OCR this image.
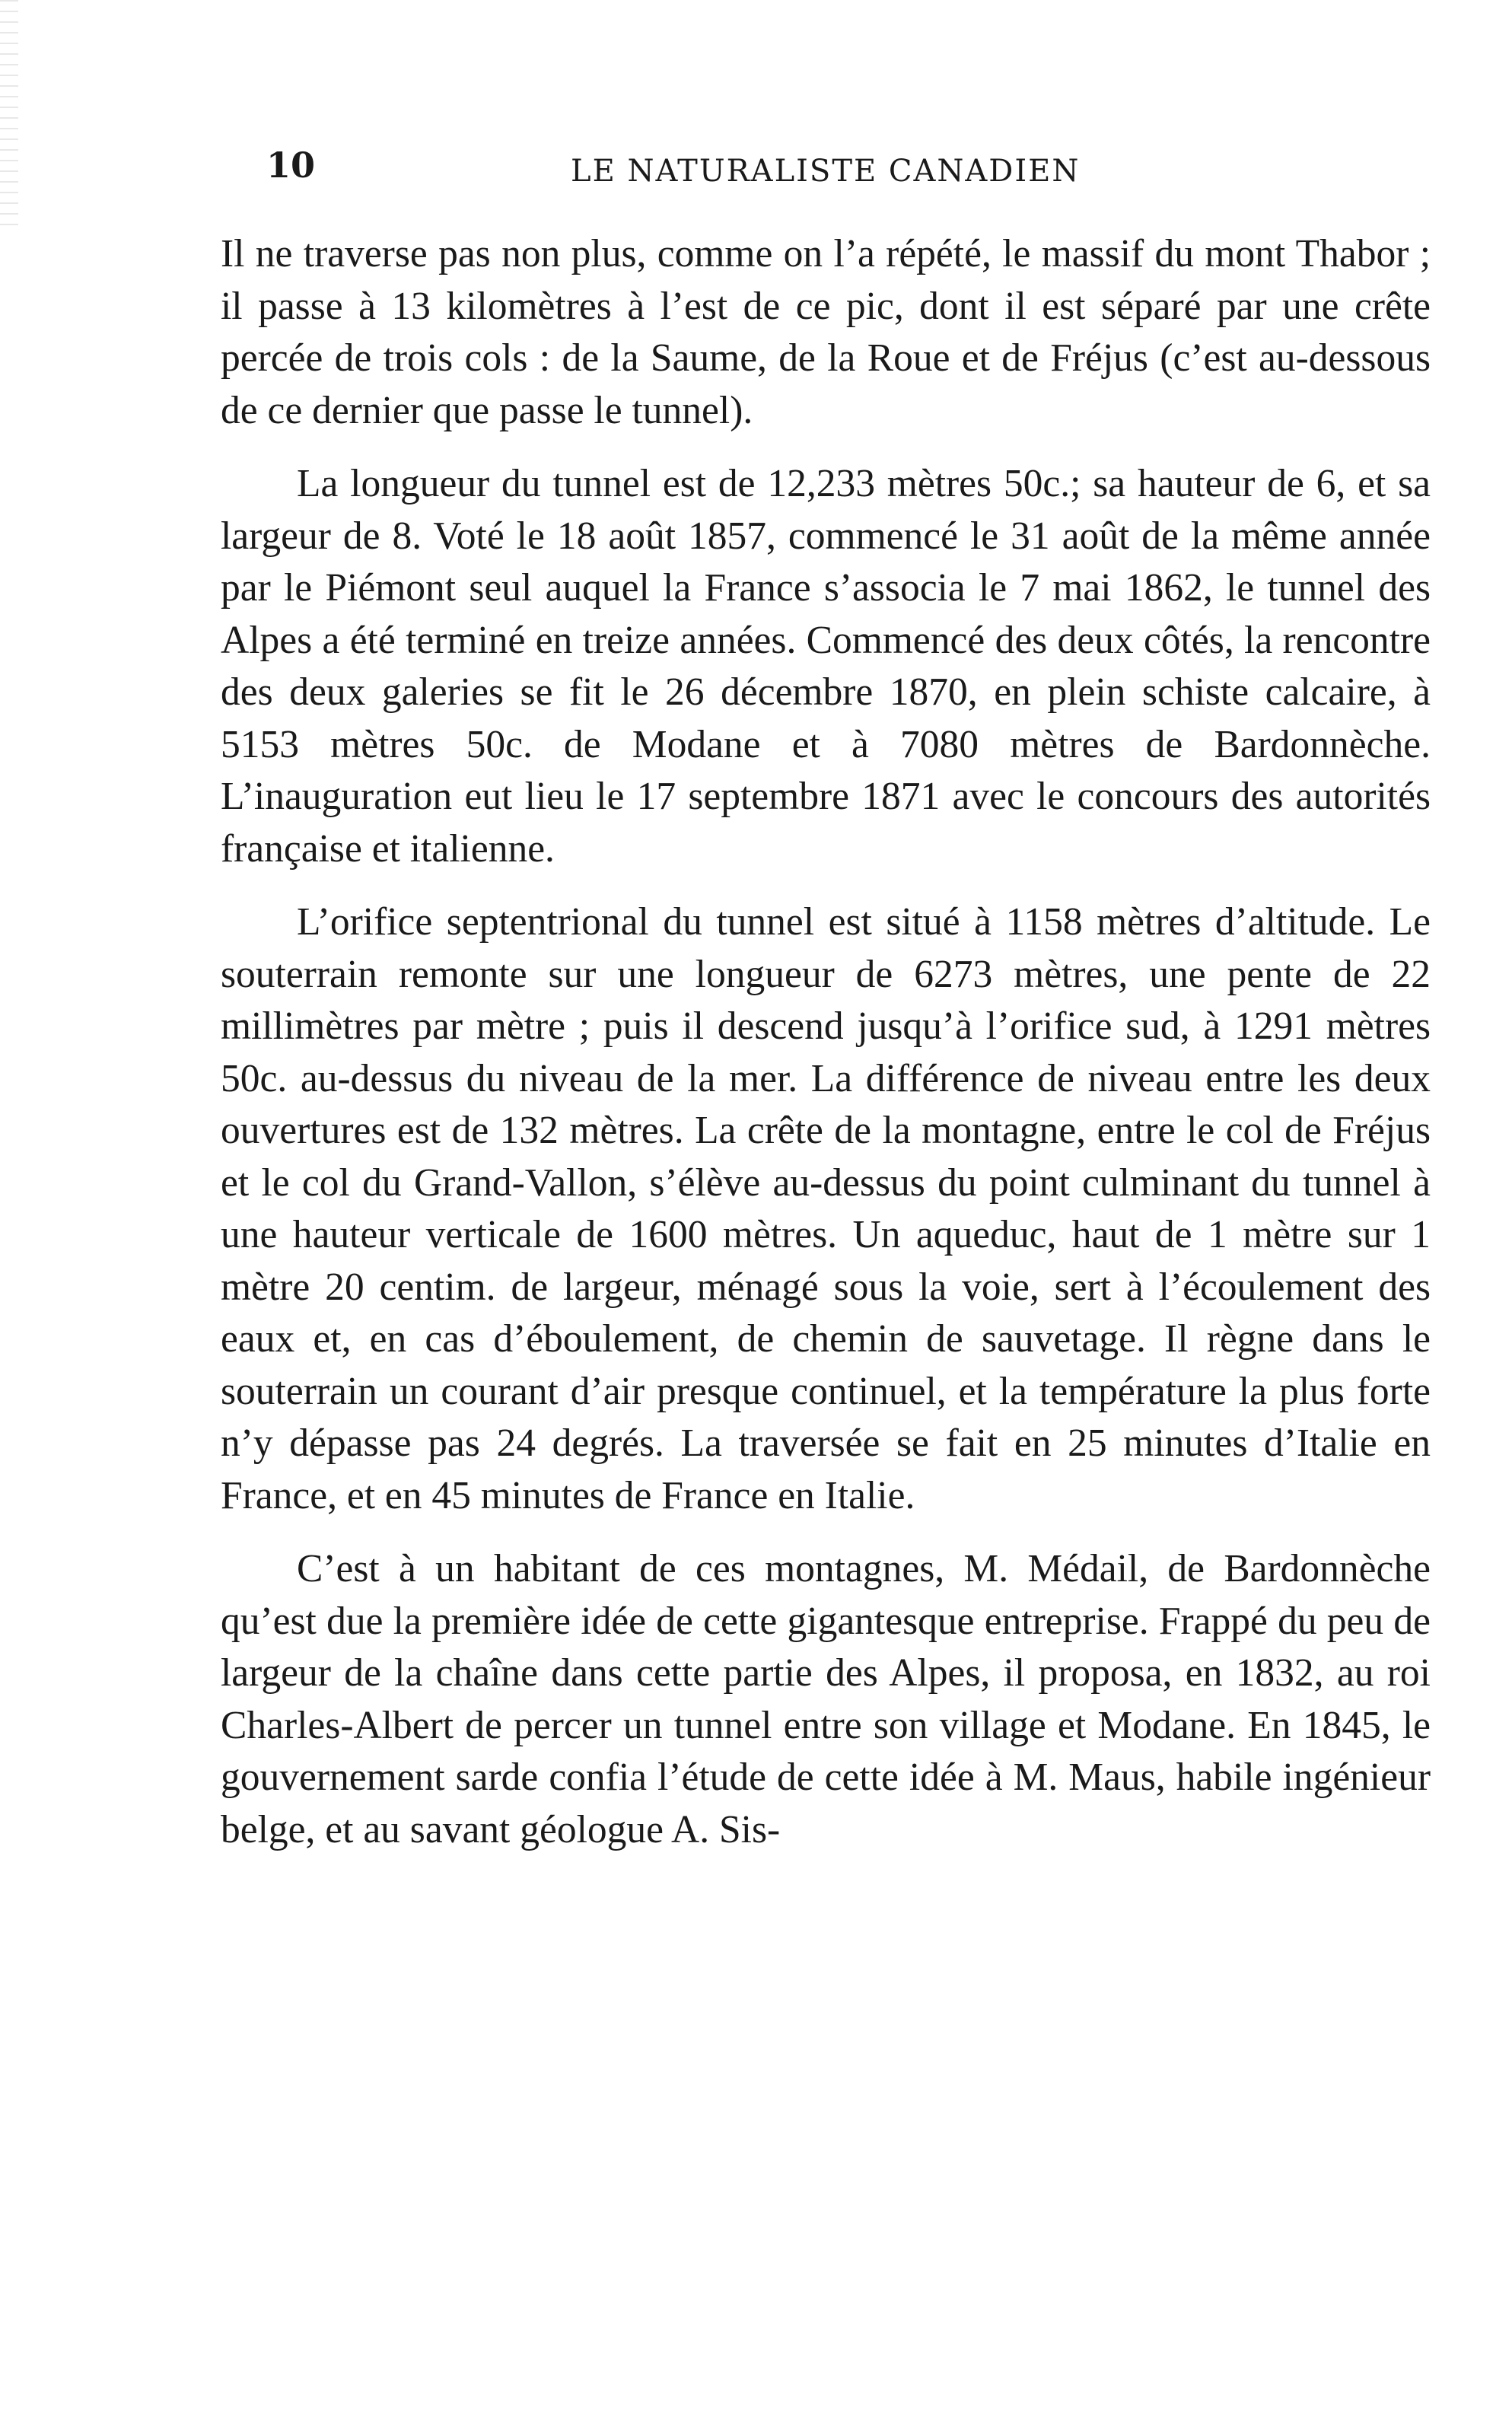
10	LE NATURALISTE CANADIEN

Il ne traverse pas non plus, comme on l’a répété, le massif du mont Thabor ; il passe à 13 kilomètres à l’est de ce pic, dont il est séparé par une crête percée de trois cols : de la Saume, de la Roue et de Fréjus (c’est au-dessous de ce dernier que passe le tunnel).

La longueur du tunnel est de 12,233 mètres 50c.; sa hauteur de 6, et sa largeur de 8. Voté le 18 août 1857, commencé le 31 août de la même année par le Piémont seul auquel la France s’associa le 7 mai 1862, le tunnel des Alpes a été terminé en treize années. Commencé des deux côtés, la rencontre des deux galeries se fit le 26 décembre 1870, en plein schiste calcaire, à 5153 mètres 50c. de Modane et à 7080 mètres de Bardonnèche. L’inauguration eut lieu le 17 septembre 1871 avec le concours des autorités française et italienne.

L’orifice septentrional du tunnel est situé à 1158 mètres d’altitude. Le souterrain remonte sur une longueur de 6273 mètres, une pente de 22 millimètres par mètre ; puis il descend jusqu’à l’orifice sud, à 1291 mètres 50c. au-dessus du niveau de la mer. La différence de niveau entre les deux ouvertures est de 132 mètres. La crête de la montagne, entre le col de Fréjus et le col du Grand-Vallon, s’élève au-dessus du point culminant du tunnel à une hauteur verticale de 1600 mètres. Un aqueduc, haut de 1 mètre sur 1 mètre 20 centim. de largeur, ménagé sous la voie, sert à l’écoulement des eaux et, en cas d’éboulement, de chemin de sauvetage. Il règne dans le souterrain un courant d’air presque continuel, et la température la plus forte n’y dépasse pas 24 degrés. La traversée se fait en 25 minutes d’Italie en France, et en 45 minutes de France en Italie.

C’est à un habitant de ces montagnes, M. Médail, de Bardonnèche qu’est due la première idée de cette gigantesque entreprise. Frappé du peu de largeur de la chaîne dans cette partie des Alpes, il proposa, en 1832, au roi Charles-Albert de percer un tunnel entre son village et Modane. En 1845, le gouvernement sarde confia l’étude de cette idée à M. Maus, habile ingénieur belge, et au savant géologue A. Sis-
